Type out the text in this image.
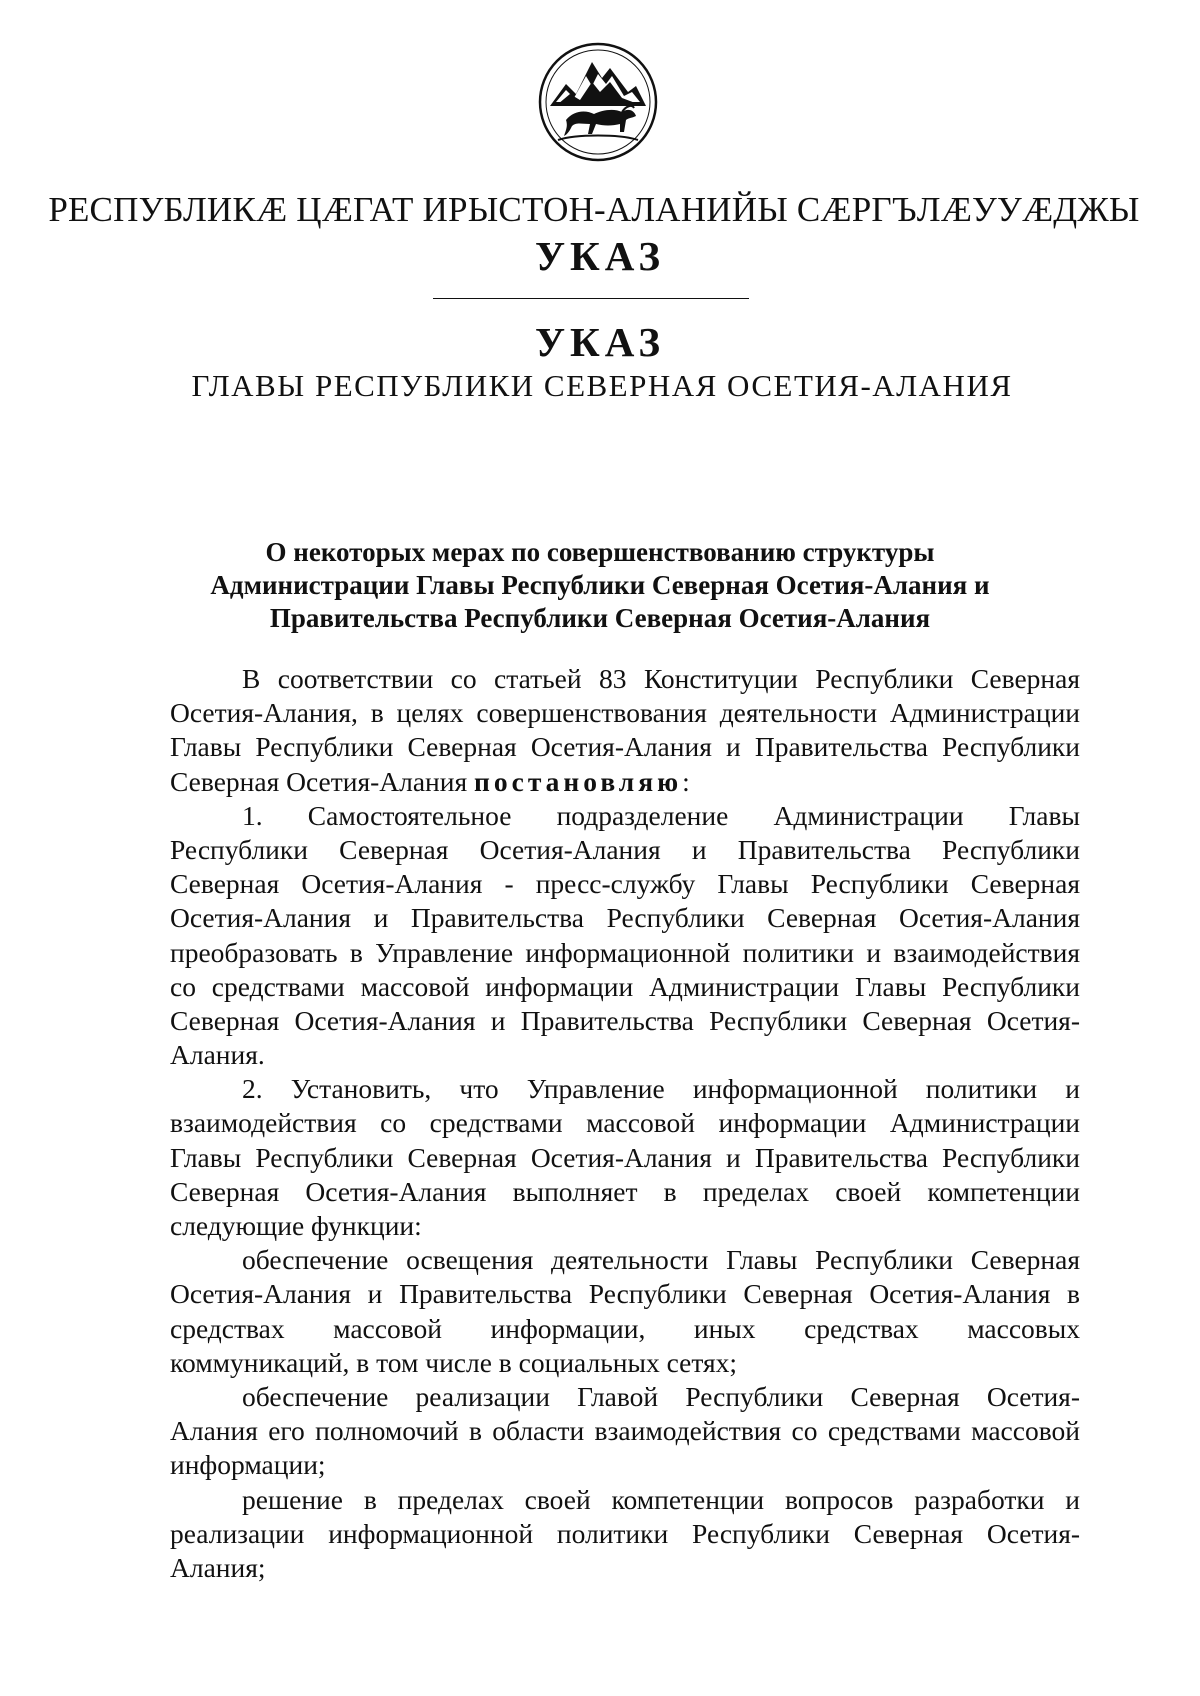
РЕСПУБЛИКӔ ЦӔГАТ ИРЫСТОН-АЛАНИЙЫ СӔРГЪЛӔУУӔДЖЫ
УКАЗ
УКАЗ
ГЛАВЫ РЕСПУБЛИКИ СЕВЕРНАЯ ОСЕТИЯ-АЛАНИЯ
О некоторых мерах по совершенствованию структуры
Администрации Главы Республики Северная Осетия-Алания и
Правительства Республики Северная Осетия-Алания
В соответствии со статьей 83 Конституции Республики Северная
Осетия-Алания, в целях совершенствования деятельности Администрации
Главы Республики Северная Осетия-Алания и Правительства Республики
Северная Осетия-Алания постановляю:
1. Самостоятельное подразделение Администрации Главы
Республики Северная Осетия-Алания и Правительства Республики
Северная Осетия-Алания - пресс-службу Главы Республики Северная
Осетия-Алания и Правительства Республики Северная Осетия-Алания
преобразовать в Управление информационной политики и взаимодействия
со средствами массовой информации Администрации Главы Республики
Северная Осетия-Алания и Правительства Республики Северная Осетия-
Алания.
2. Установить, что Управление информационной политики и
взаимодействия со средствами массовой информации Администрации
Главы Республики Северная Осетия-Алания и Правительства Республики
Северная Осетия-Алания выполняет в пределах своей компетенции
следующие функции:
обеспечение освещения деятельности Главы Республики Северная
Осетия-Алания и Правительства Республики Северная Осетия-Алания в
средствах массовой информации, иных средствах массовых
коммуникаций, в том числе в социальных сетях;
обеспечение реализации Главой Республики Северная Осетия-
Алания его полномочий в области взаимодействия со средствами массовой
информации;
решение в пределах своей компетенции вопросов разработки и
реализации информационной политики Республики Северная Осетия-
Алания;
